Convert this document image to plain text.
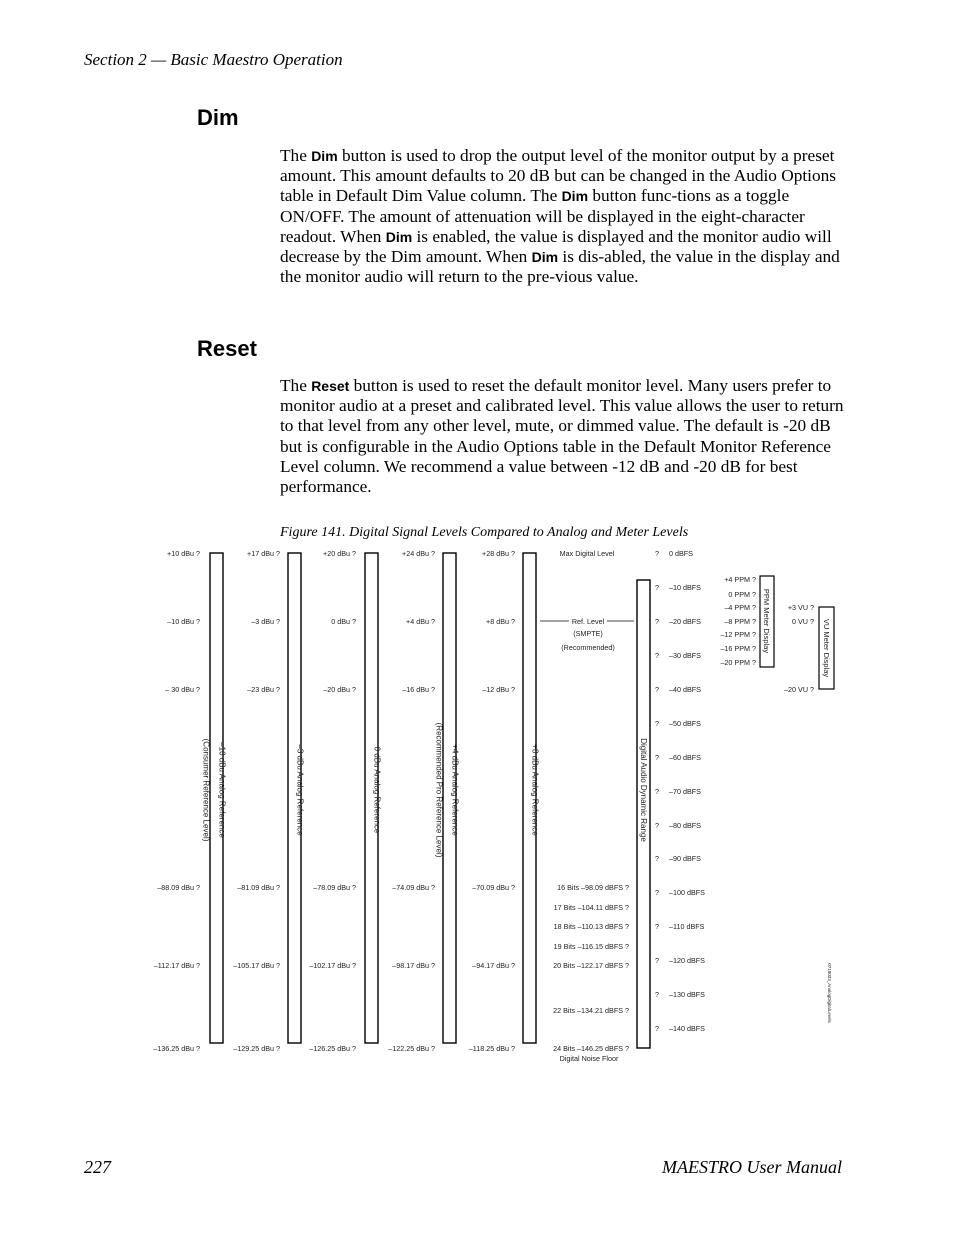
Section 2 — Basic Maestro Operation
Dim

The Dim button is used to drop the output level of the monitor output by a preset amount. This amount defaults to 20 dB but can be changed in the Audio Options table in Default Dim Value column. The Dim button func-tions as a toggle ON/OFF. The amount of attenuation will be displayed in the eight-character readout. When Dim is enabled, the value is displayed and the monitor audio will decrease by the Dim amount. When Dim is dis-abled, the value in the display and the monitor audio will return to the pre-vious value.

Reset

The Reset button is used to reset the default monitor level. Many users prefer to monitor audio at a preset and calibrated level. This value allows the user to return to that level from any other level, mute, or dimmed value. The default is -20 dB but is configurable in the Audio Options table in the Default Monitor Reference Level column. We recommend a value between -12 dB and -20 dB for best performance.

Figure 141. Digital Signal Levels Compared to Analog and Meter Levels
+10 dBu ?
–10 dBu ?
– 30 dBu ?
–88.09 dBu ?
–112.17 dBu ?
–136.25 dBu ?
–10 dBu Analog Reference
(Consumer Reference Level)
+17 dBu ?
–3 dBu ?
–23 dBu ?
–81.09 dBu ?
–105.17 dBu ?
–129.25 dBu ?
–3 dBu Analog Reference
+20 dBu ?
0 dBu ?
–20 dBu ?
–78.09 dBu ?
–102.17 dBu ?
–126.25 dBu ?
0 dBu Analog Reference
+24 dBu ?
+4 dBu ?
–16 dBu ?
–74.09 dBu ?
–98.17 dBu ?
–122.25 dBu ?
+4 dBu Analog Reference
(Recommended Pro Reference Level)
+28 dBu ?
+8 dBu ?
–12 dBu ?
–70.09 dBu ?
–94.17 dBu ?
–118.25 dBu ?
+8 dBu Analog Reference
Max Digital Level
Ref. Level
(SMPTE)
(Recommended)
16 Bits –98.09 dBFS ?
17 Bits –104.11 dBFS ?
18 Bits –110.13 dBFS ?
19 Bits –116.15 dBFS ?
20 Bits –122.17 dBFS ?
22 Bits –134.21 dBFS ?
24 Bits –146.25 dBFS ?
Digital Noise Floor
Digital Audio Dynamic Range
? 0 dBFS
? –10 dBFS
? –20 dBFS
? –30 dBFS
? –40 dBFS
? –50 dBFS
? –60 dBFS
? –70 dBFS
? –80 dBFS
? –90 dBFS
? –100 dBFS
? –110 dBFS
? –120 dBFS
? –130 dBFS
? –140 dBFS
+4 PPM ?
0 PPM ?
–4 PPM ?
–8 PPM ?
–12 PPM ?
–16 PPM ?
–20 PPM ?
PPM Meter Display +3 VU ?
0 VU ?
–20 VU ?
VU Meter Display
0718033_AnalogDigitalLevels
227	MAESTRO User Manual
